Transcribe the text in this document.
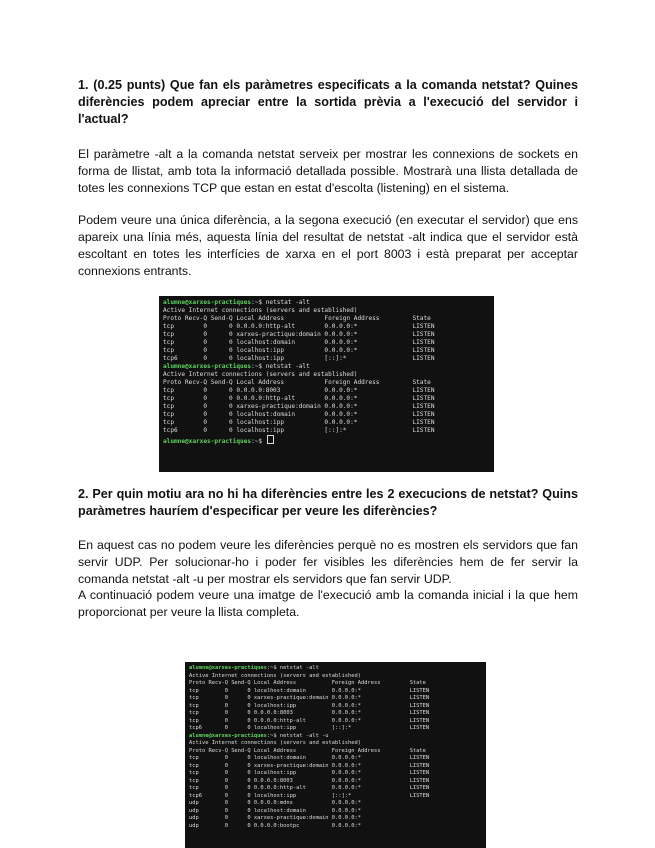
1. (0.25 punts) Que fan els paràmetres especificats a la comanda netstat? Quines diferències podem apreciar entre la sortida prèvia a l'execució del servidor i l'actual?
El paràmetre -alt a la comanda netstat serveix per mostrar les connexions de sockets en forma de llistat, amb tota la informació detallada possible. Mostrarà una llista detallada de totes les connexions TCP que estan en estat d'escolta (listening) en el sistema.
Podem veure una única diferència, a la segona execució (en executar el servidor) que ens apareix una línia més, aquesta línia del resultat de netstat -alt indica que el servidor està escoltant en totes les interfícies de xarxa en el port 8003 i està preparat per acceptar connexions entrants.
alumne@xarxes-practiques:~$ netstat -alt
Active Internet connections (servers and established)
Proto Recv-Q Send-Q Local Address           Foreign Address         State
tcp        0      0 0.0.0.0:http-alt        0.0.0.0:*               LISTEN
tcp        0      0 xarxes-practique:domain 0.0.0.0:*               LISTEN
tcp        0      0 localhost:domain        0.0.0.0:*               LISTEN
tcp        0      0 localhost:ipp           0.0.0.0:*               LISTEN
tcp6       0      0 localhost:ipp           [::]:*                  LISTEN
alumne@xarxes-practiques:~$ netstat -alt
Active Internet connections (servers and established)
Proto Recv-Q Send-Q Local Address           Foreign Address         State
tcp        0      0 0.0.0.0:8003            0.0.0.0:*               LISTEN
tcp        0      0 0.0.0.0:http-alt        0.0.0.0:*               LISTEN
tcp        0      0 xarxes-practique:domain 0.0.0.0:*               LISTEN
tcp        0      0 localhost:domain        0.0.0.0:*               LISTEN
tcp        0      0 localhost:ipp           0.0.0.0:*               LISTEN
tcp6       0      0 localhost:ipp           [::]:*                  LISTEN
alumne@xarxes-practiques:~$
2. Per quin motiu ara no hi ha diferències entre les 2 execucions de netstat? Quins paràmetres hauríem d'especificar per veure les diferències?
En aquest cas no podem veure les diferències perquè no es mostren els servidors que fan servir UDP. Per solucionar-ho i poder fer visibles les diferències hem de fer servir la comanda netstat -alt -u per mostrar els servidors que fan servir UDP.
A continuació podem veure una imatge de l'execució amb la comanda inicial i la que hem proporcionat per veure la llista completa.
alumne@xarxes-practiques:~$ netstat -alt
Active Internet connections (servers and established)
Proto Recv-Q Send-Q Local Address           Foreign Address         State
tcp        0      0 localhost:domain        0.0.0.0:*               LISTEN
tcp        0      0 xarxes-practique:domain 0.0.0.0:*               LISTEN
tcp        0      0 localhost:ipp           0.0.0.0:*               LISTEN
tcp        0      0 0.0.0.0:8003            0.0.0.0:*               LISTEN
tcp        0      0 0.0.0.0:http-alt        0.0.0.0:*               LISTEN
tcp6       0      0 localhost:ipp           [::]:*                  LISTEN
alumne@xarxes-practiques:~$ netstat -alt -u
Active Internet connections (servers and established)
Proto Recv-Q Send-Q Local Address           Foreign Address         State
tcp        0      0 localhost:domain        0.0.0.0:*               LISTEN
tcp        0      0 xarxes-practique:domain 0.0.0.0:*               LISTEN
tcp        0      0 localhost:ipp           0.0.0.0:*               LISTEN
tcp        0      0 0.0.0.0:8003            0.0.0.0:*               LISTEN
tcp        0      0 0.0.0.0:http-alt        0.0.0.0:*               LISTEN
tcp6       0      0 localhost:ipp           [::]:*                  LISTEN
udp        0      0 0.0.0.0:mdns            0.0.0.0:*
udp        0      0 localhost:domain        0.0.0.0:*
udp        0      0 xarxes-practique:domain 0.0.0.0:*
udp        0      0 0.0.0.0:bootpc          0.0.0.0:*
